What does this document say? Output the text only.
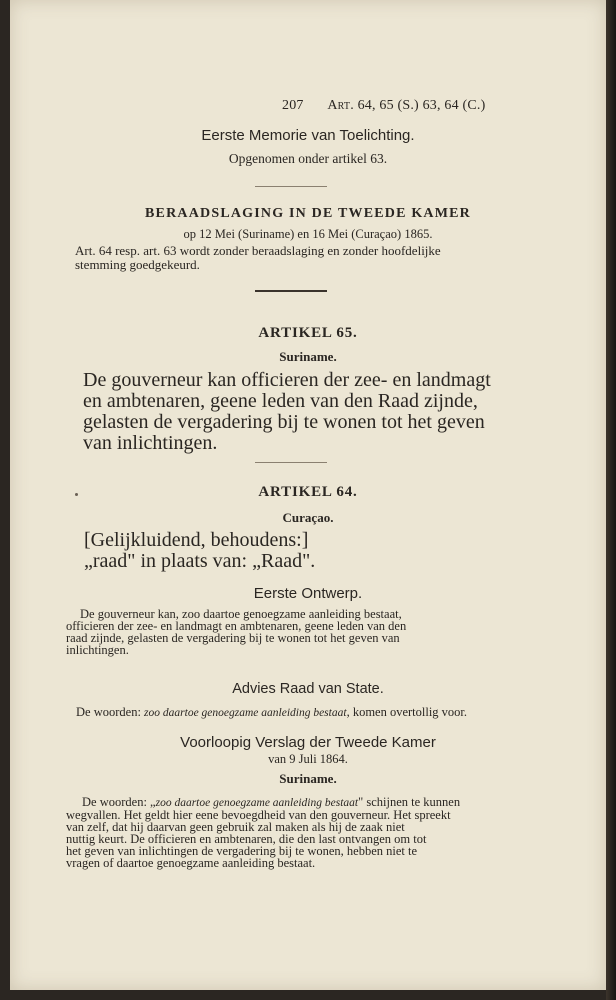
207 Art. 64, 65 (S.) 63, 64 (C.)

Eerste Memorie van Toelichting.

Opgenomen onder artikel 63.

BERAADSLAGING IN DE TWEEDE KAMER

op 12 Mei (Suriname) en 16 Mei (Curaçao) 1865.

Art. 64 resp. art. 63 wordt zonder beraadslaging en zonder hoofdelijke
stemming goedgekeurd.

ARTIKEL 65.

Suriname.

De gouverneur kan officieren der zee- en landmagt
en ambtenaren, geene leden van den Raad zijnde,
gelasten de vergadering bij te wonen tot het geven
van inlichtingen.

ARTIKEL 64.

Curaçao.

[Gelijkluidend, behoudens:]
„raad" in plaats van: „Raad".

Eerste Ontwerp.

De gouverneur kan, zoo daartoe genoegzame aanleiding bestaat,
officieren der zee- en landmagt en ambtenaren, geene leden van den
raad zijnde, gelasten de vergadering bij te wonen tot het geven van
inlichtingen.

Advies Raad van State.

De woorden: zoo daartoe genoegzame aanleiding bestaat, komen overtollig voor.

Voorloopig Verslag der Tweede Kamer

van 9 Juli 1864.

Suriname.

De woorden: „zoo daartoe genoegzame aanleiding bestaat" schijnen te kunnen
wegvallen. Het geldt hier eene bevoegdheid van den gouverneur. Het spreekt
van zelf, dat hij daarvan geen gebruik zal maken als hij de zaak niet
nuttig keurt. De officieren en ambtenaren, die den last ontvangen om tot
het geven van inlichtingen de vergadering bij te wonen, hebben niet te
vragen of daartoe genoegzame aanleiding bestaat.
